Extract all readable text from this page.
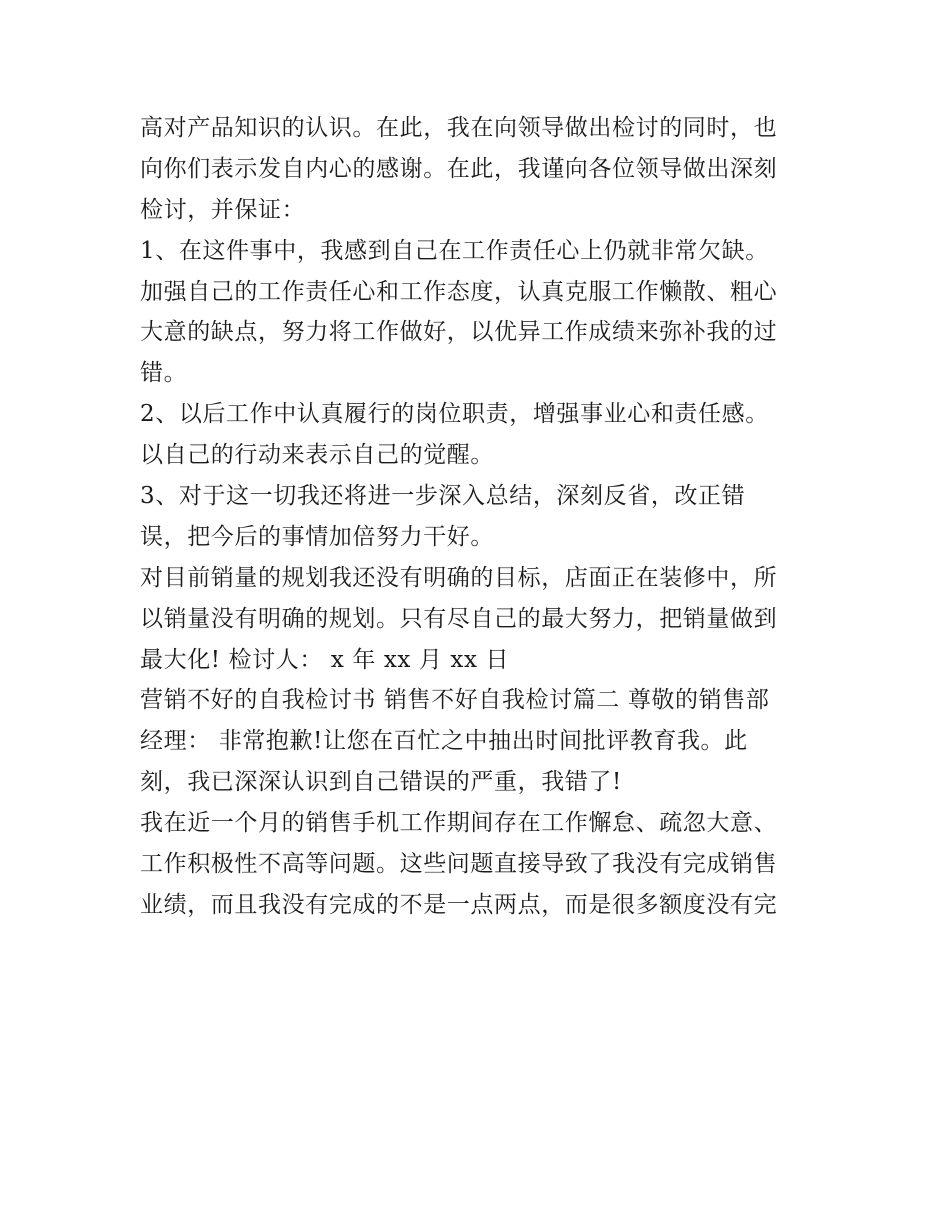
高对产品知识的认识。在此，我在向领导做出检讨的同时，也
向你们表示发自内心的感谢。在此，我谨向各位领导做出深刻
检讨，并保证：
1、在这件事中，我感到自己在工作责任心上仍就非常欠缺。
加强自己的工作责任心和工作态度，认真克服工作懒散、粗心
大意的缺点，努力将工作做好，以优异工作成绩来弥补我的过
错。
2、以后工作中认真履行的岗位职责，增强事业心和责任感。
以自己的行动来表示自己的觉醒。
3、对于这一切我还将进一步深入总结，深刻反省，改正错
误，把今后的事情加倍努力干好。
对目前销量的规划我还没有明确的目标，店面正在装修中，所
以销量没有明确的规划。只有尽自己的最大努力，把销量做到
最大化! 检讨人： x 年 xx 月 xx 日
营销不好的自我检讨书 销售不好自我检讨篇二 尊敬的销售部
经理： 非常抱歉!让您在百忙之中抽出时间批评教育我。此
刻，我已深深认识到自己错误的严重，我错了!
我在近一个月的销售手机工作期间存在工作懈怠、疏忽大意、
工作积极性不高等问题。这些问题直接导致了我没有完成销售
业绩，而且我没有完成的不是一点两点，而是很多额度没有完
